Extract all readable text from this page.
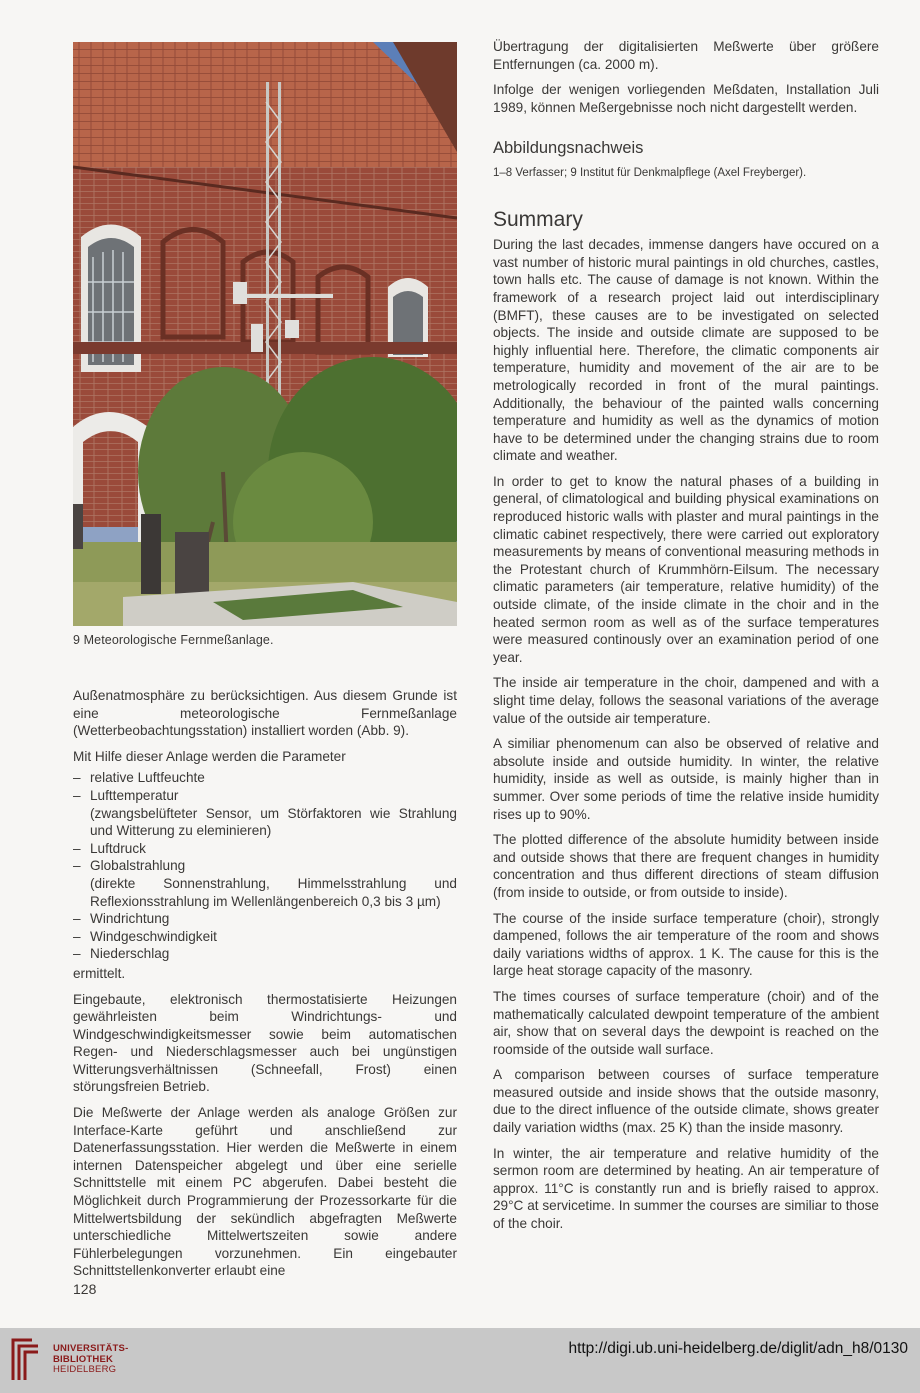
9 Meteorologische Fernmeßanlage.

Außenatmosphäre zu berücksichtigen. Aus diesem Grunde ist eine meteorologische Fernmeßanlage (Wetterbeobachtungsstation) installiert worden (Abb. 9).

Mit Hilfe dieser Anlage werden die Parameter

– relative Luftfeuchte
– Lufttemperatur
(zwangsbelüfteter Sensor, um Störfaktoren wie Strahlung und Witterung zu eleminieren)
– Luftdruck
– Globalstrahlung
(direkte Sonnenstrahlung, Himmelsstrahlung und Reflexionsstrahlung im Wellenlängenbereich 0,3 bis 3 µm)
– Windrichtung
– Windgeschwindigkeit
– Niederschlag

ermittelt.

Eingebaute, elektronisch thermostatisierte Heizungen gewährleisten beim Windrichtungs- und Windgeschwindigkeitsmesser sowie beim automatischen Regen- und Niederschlagsmesser auch bei ungünstigen Witterungsverhältnissen (Schneefall, Frost) einen störungsfreien Betrieb.

Die Meßwerte der Anlage werden als analoge Größen zur Interface-Karte geführt und anschließend zur Datenerfassungsstation. Hier werden die Meßwerte in einem internen Datenspeicher abgelegt und über eine serielle Schnittstelle mit einem PC abgerufen. Dabei besteht die Möglichkeit durch Programmierung der Prozessorkarte für die Mittelwertsbildung der sekündlich abgefragten Meßwerte unterschiedliche Mittelwertszeiten sowie andere Fühlerbelegungen vorzunehmen. Ein eingebauter Schnittstellenkonverter erlaubt eine

Übertragung der digitalisierten Meßwerte über größere Entfernungen (ca. 2000 m).

Infolge der wenigen vorliegenden Meßdaten, Installation Juli 1989, können Meßergebnisse noch nicht dargestellt werden.

Abbildungsnachweis
1–8 Verfasser; 9 Institut für Denkmalpflege (Axel Freyberger).
Summary

During the last decades, immense dangers have occured on a vast number of historic mural paintings in old churches, castles, town halls etc. The cause of damage is not known. Within the framework of a research project laid out interdisciplinary (BMFT), these causes are to be investigated on selected objects. The inside and outside climate are supposed to be highly influential here. Therefore, the climatic components air temperature, humidity and movement of the air are to be metrologically recorded in front of the mural paintings. Additionally, the behaviour of the painted walls concerning temperature and humidity as well as the dynamics of motion have to be determined under the changing strains due to room climate and weather.

In order to get to know the natural phases of a building in general, of climatological and building physical examinations on reproduced historic walls with plaster and mural paintings in the climatic cabinet respectively, there were carried out exploratory measurements by means of conventional measuring methods in the Protestant church of Krummhörn-Eilsum. The necessary climatic parameters (air temperature, relative humidity) of the outside climate, of the inside climate in the choir and in the heated sermon room as well as of the surface temperatures were measured continously over an examination period of one year.

The inside air temperature in the choir, dampened and with a slight time delay, follows the seasonal variations of the average value of the outside air temperature.

A similiar phenomenum can also be observed of relative and absolute inside and outside humidity. In winter, the relative humidity, inside as well as outside, is mainly higher than in summer. Over some periods of time the relative inside humidity rises up to 90%.

The plotted difference of the absolute humidity between inside and outside shows that there are frequent changes in humidity concentration and thus different directions of steam diffusion (from inside to outside, or from outside to inside).

The course of the inside surface temperature (choir), strongly dampened, follows the air temperature of the room and shows daily variations widths of approx. 1 K. The cause for this is the large heat storage capacity of the masonry.

The times courses of surface temperature (choir) and of the mathematically calculated dewpoint temperature of the ambient air, show that on several days the dewpoint is reached on the roomside of the outside wall surface.

A comparison between courses of surface temperature measured outside and inside shows that the outside masonry, due to the direct influence of the outside climate, shows greater daily variation widths (max. 25 K) than the inside masonry.

In winter, the air temperature and relative humidity of the sermon room are determined by heating. An air temperature of approx. 11°C is constantly run and is briefly raised to approx. 29°C at servicetime. In summer the courses are similiar to those of the choir.

128
UNIVERSITÄTS-
BIBLIOTHEK
HEIDELBERG
http://digi.ub.uni-heidelberg.de/diglit/adn_h8/0130
